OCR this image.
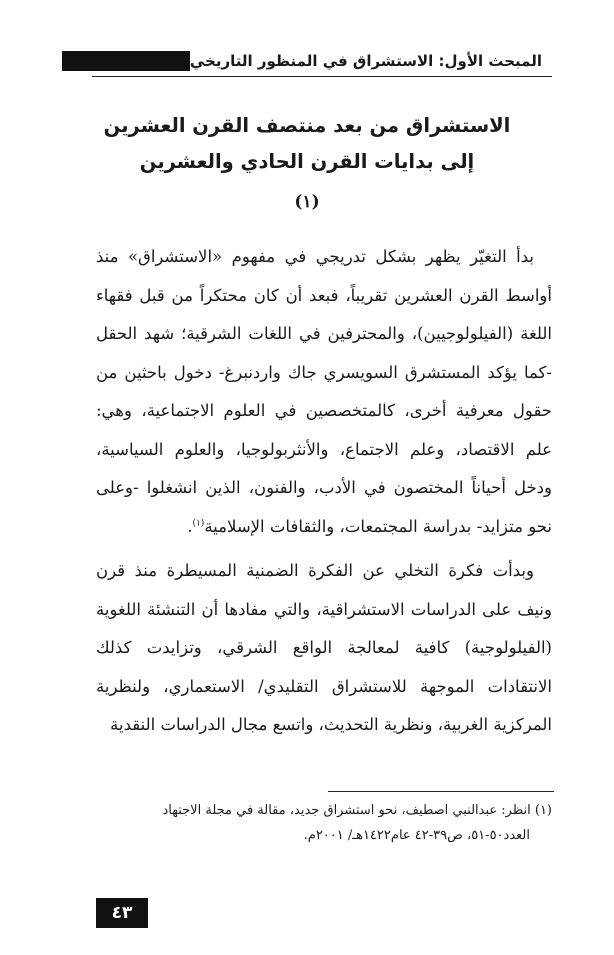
المبحث الأول: الاستشراق في المنظور التاريخي
الاستشراق من بعد منتصف القرن العشرين
إلى بدايات القرن الحادي والعشرين
(١)

بدأ التغيّر يظهر بشكل تدريجي في مفهوم «الاستشراق» منذ أواسط القرن العشرين تقريباً، فبعد أن كان محتكراً من قبل فقهاء اللغة (الفيلولوجيين)، والمحترفين في اللغات الشرقية؛ شهد الحقل -كما يؤكد المستشرق السويسري جاك واردنبرغ- دخول باحثين من حقول معرفية أخرى، كالمتخصصين في العلوم الاجتماعية، وهي: علم الاقتصاد، وعلم الاجتماع، والأنثربولوجيا، والعلوم السياسية، ودخل أحياناً المختصون في الأدب، والفنون، الذين انشغلوا -وعلى نحو متزايد- بدراسة المجتمعات، والثقافات الإسلامية$^{(١)}$.

وبدأت فكرة التخلي عن الفكرة الضمنية المسيطرة منذ قرن ونيف على الدراسات الاستشراقية، والتي مفادها أن التنشئة اللغوية (الفيلولوجية) كافية لمعالجة الواقع الشرقي، وتزايدت كذلك الانتقادات الموجهة للاستشراق التقليدي/ الاستعماري، ولنظرية المركزية الغربية، ونظرية التحديث، واتسع مجال الدراسات النقدية

(١) انظر: عبدالنبي اصطيف، نحو استشراق جديد، مقالة في مجلة الاجتهاد
العدد٥٠-٥١، ص٣٩-٤٢ عام١٤٢٢هـ/ ٢٠٠١م.
٤٣
